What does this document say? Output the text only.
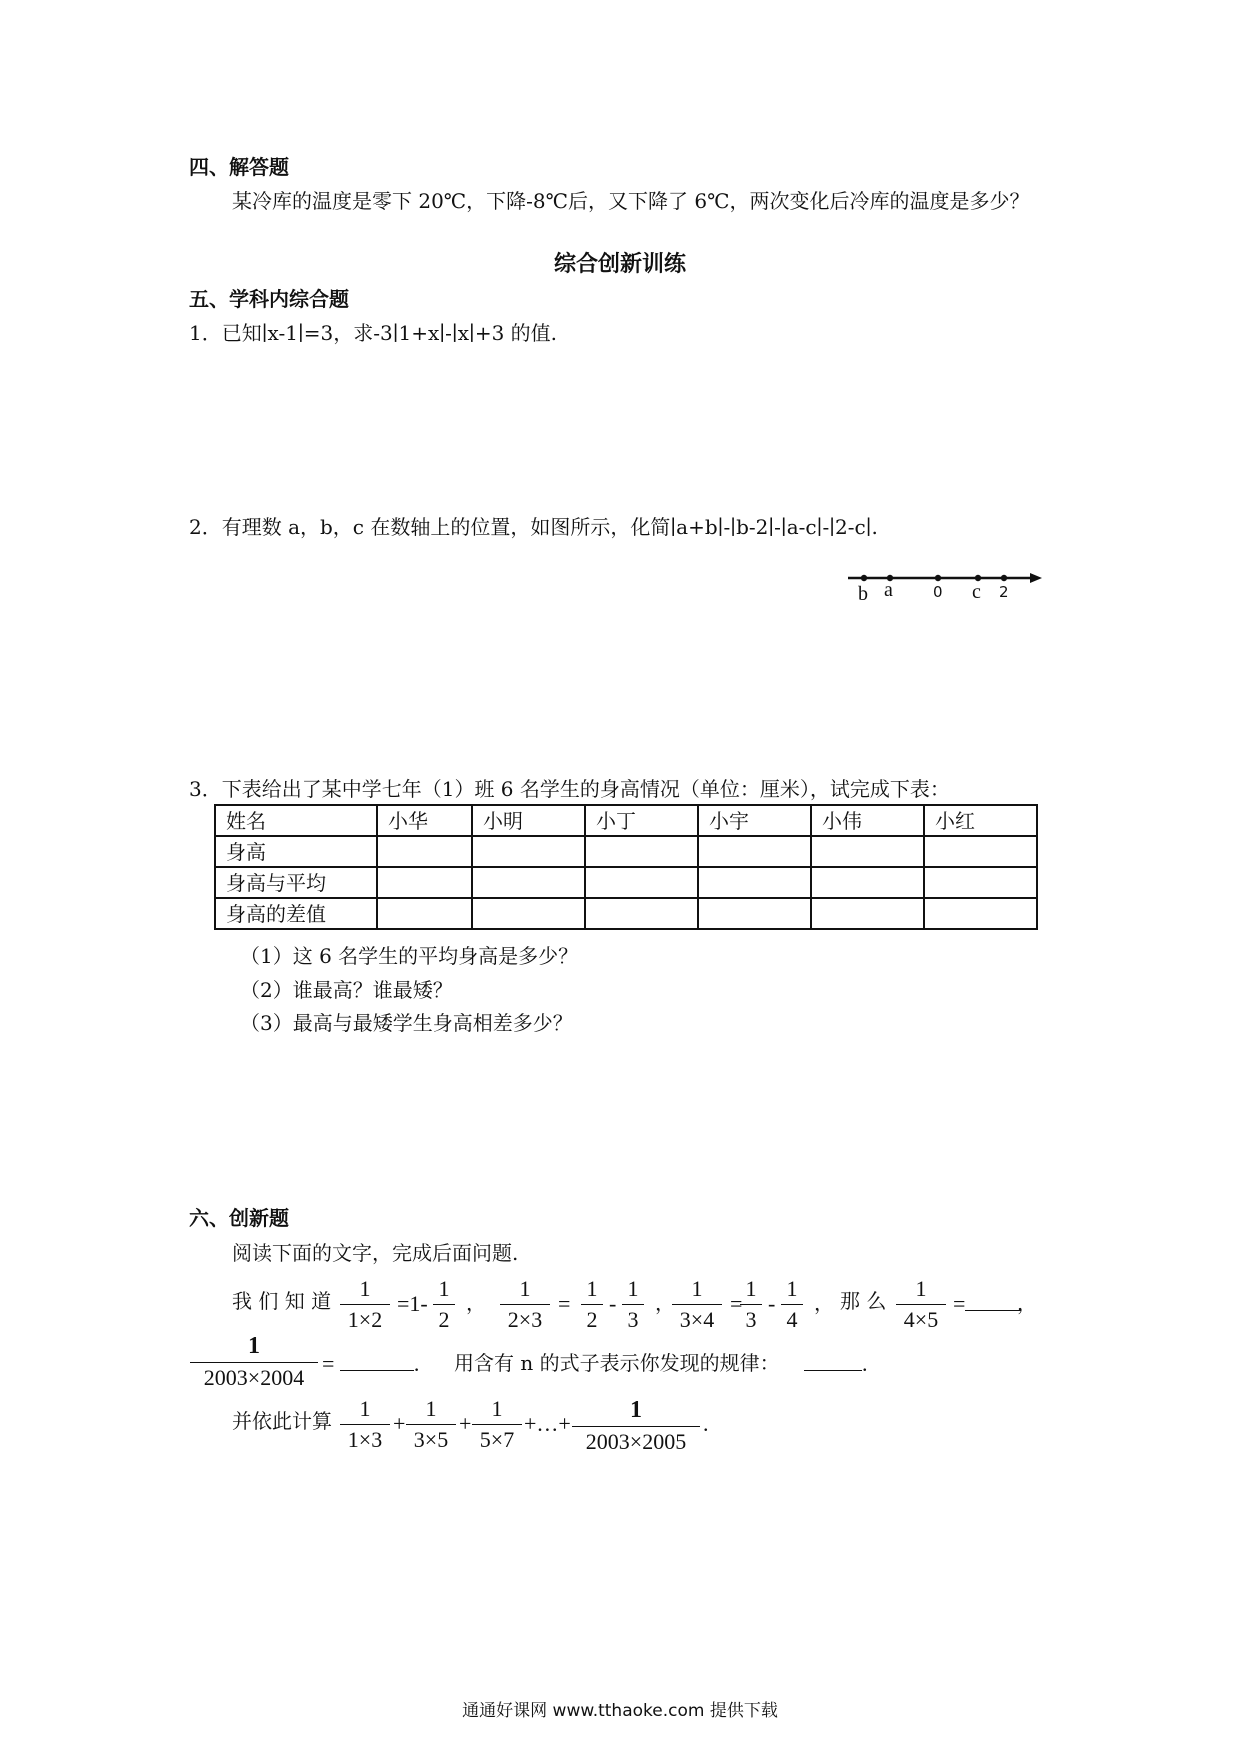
四、解答题
某冷库的温度是零下 20℃，下降-8℃后，又下降了 6℃，两次变化后冷库的温度是多少？
综合创新训练
五、学科内综合题
1．已知∣x-1∣=3，求-3∣1+x∣-∣x∣+3 的值.
2．有理数 a，b，c 在数轴上的位置，如图所示，化简∣a+b∣-∣b-2∣-∣a-c∣-∣2-c∣.
b a	0 c 2
3．下表给出了某中学七年（1）班 6 名学生的身高情况（单位：厘米），试完成下表：
姓名	小华	小明	小丁	小宇	小伟	小红
身高						
身高与平均						
身高的差值						
（1）这 6 名学生的平均身高是多少？
（2）谁最高？谁最矮？
（3）最高与最矮学生身高相差多少？
六、创新题
阅读下面的文字，完成后面问题.
我 们 知 道	1
1×2
=1-
1
2
，
1
2×3
=
1
2
-
1
3
，
1
3×4
=
1
3
-
1
4
， 那 么	1
4×5
=	，
1
2003×2004
=	. 用含有 n 的式子表示你发现的规律：	.
并依此计算	1
1×3
+
1
3×5
+
1
5×7
+…+
1
2003×2005
.
通通好课网 www.tthaoke.com 提供下载
